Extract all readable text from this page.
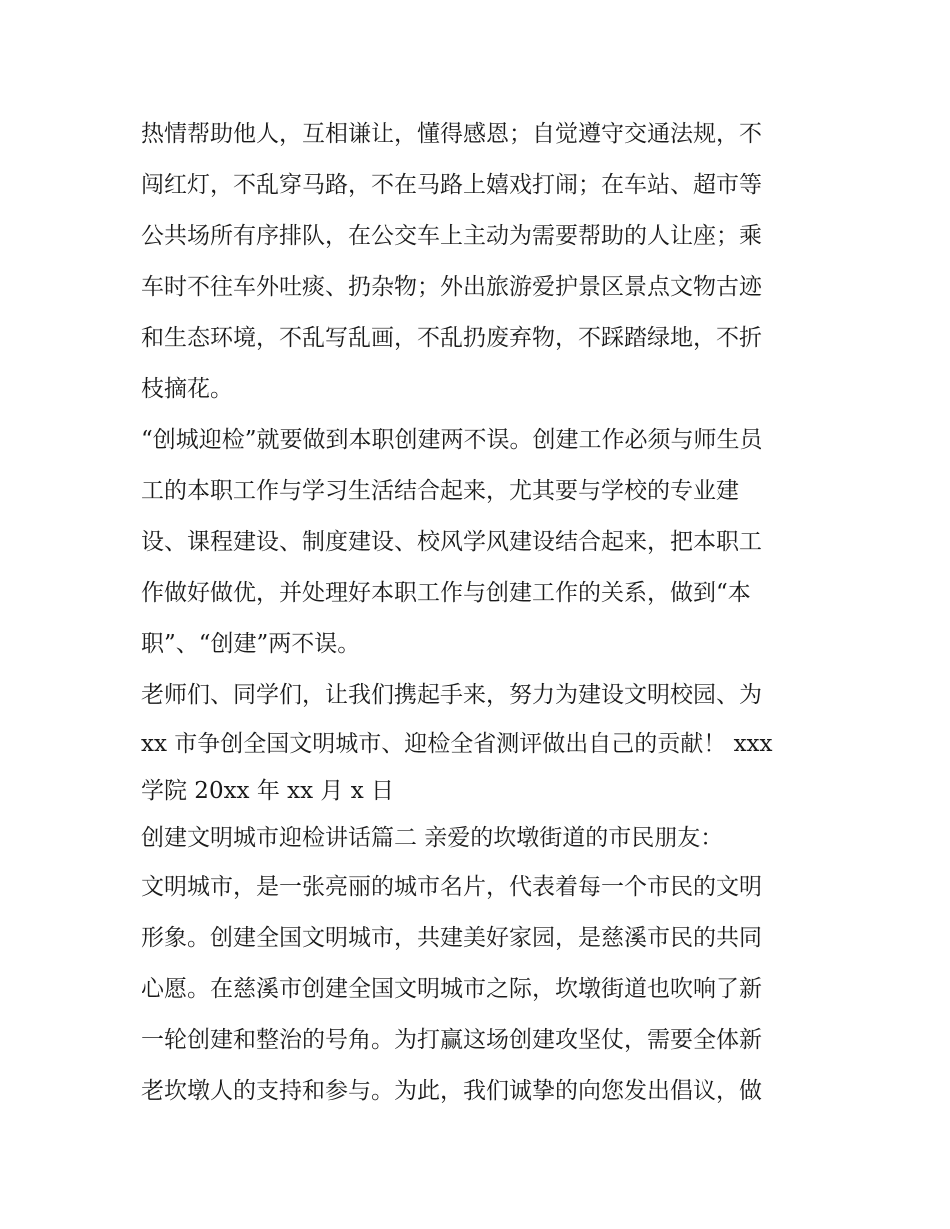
热情帮助他人，互相谦让，懂得感恩；自觉遵守交通法规，不
闯红灯，不乱穿马路，不在马路上嬉戏打闹；在车站、超市等
公共场所有序排队，在公交车上主动为需要帮助的人让座；乘
车时不往车外吐痰、扔杂物；外出旅游爱护景区景点文物古迹
和生态环境，不乱写乱画，不乱扔废弃物，不踩踏绿地，不折
枝摘花。
“创城迎检”就要做到本职创建两不误。创建工作必须与师生员
工的本职工作与学习生活结合起来，尤其要与学校的专业建
设、课程建设、制度建设、校风学风建设结合起来，把本职工
作做好做优，并处理好本职工作与创建工作的关系，做到“本
职”、“创建”两不误。
老师们、同学们，让我们携起手来，努力为建设文明校园、为
xx 市争创全国文明城市、迎检全省测评做出自己的贡献！ xxx
学院 20xx 年 xx 月 x 日
创建文明城市迎检讲话篇二 亲爱的坎墩街道的市民朋友：
文明城市，是一张亮丽的城市名片，代表着每一个市民的文明
形象。创建全国文明城市，共建美好家园，是慈溪市民的共同
心愿。在慈溪市创建全国文明城市之际，坎墩街道也吹响了新
一轮创建和整治的号角。为打赢这场创建攻坚仗，需要全体新
老坎墩人的支持和参与。为此，我们诚挚的向您发出倡议，做
